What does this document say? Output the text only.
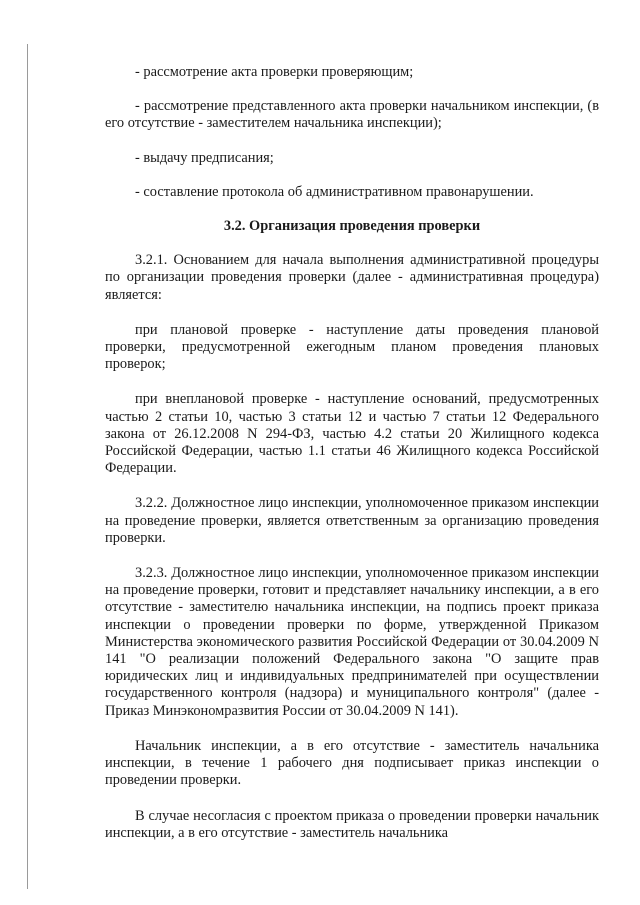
- рассмотрение акта проверки проверяющим;

- рассмотрение представленного акта проверки начальником инспекции, (в его отсутствие - заместителем начальника инспекции);

- выдачу предписания;

- составление протокола об административном правонарушении.

3.2. Организация проведения проверки

3.2.1. Основанием для начала выполнения административной процедуры по организации проведения проверки (далее - административная процедура) является:

при плановой проверке - наступление даты проведения плановой проверки, предусмотренной ежегодным планом проведения плановых проверок;

при внеплановой проверке - наступление оснований, предусмотренных частью 2 статьи 10, частью 3 статьи 12 и частью 7 статьи 12 Федерального закона от 26.12.2008 N 294-ФЗ, частью 4.2 статьи 20 Жилищного кодекса Российской Федерации, частью 1.1 статьи 46 Жилищного кодекса Российской Федерации.

3.2.2. Должностное лицо инспекции, уполномоченное приказом инспекции на проведение проверки, является ответственным за организацию проведения проверки.

3.2.3. Должностное лицо инспекции, уполномоченное приказом инспекции на проведение проверки, готовит и представляет начальнику инспекции, а в его отсутствие - заместителю начальника инспекции, на подпись проект приказа инспекции о проведении проверки по форме, утвержденной Приказом Министерства экономического развития Российской Федерации от 30.04.2009 N 141 "О реализации положений Федерального закона "О защите прав юридических лиц и индивидуальных предпринимателей при осуществлении государственного контроля (надзора) и муниципального контроля" (далее - Приказ Минэкономразвития России от 30.04.2009 N 141).

Начальник инспекции, а в его отсутствие - заместитель начальника инспекции, в течение 1 рабочего дня подписывает приказ инспекции о проведении проверки.

В случае несогласия с проектом приказа о проведении проверки начальник инспекции, а в его отсутствие - заместитель начальника
